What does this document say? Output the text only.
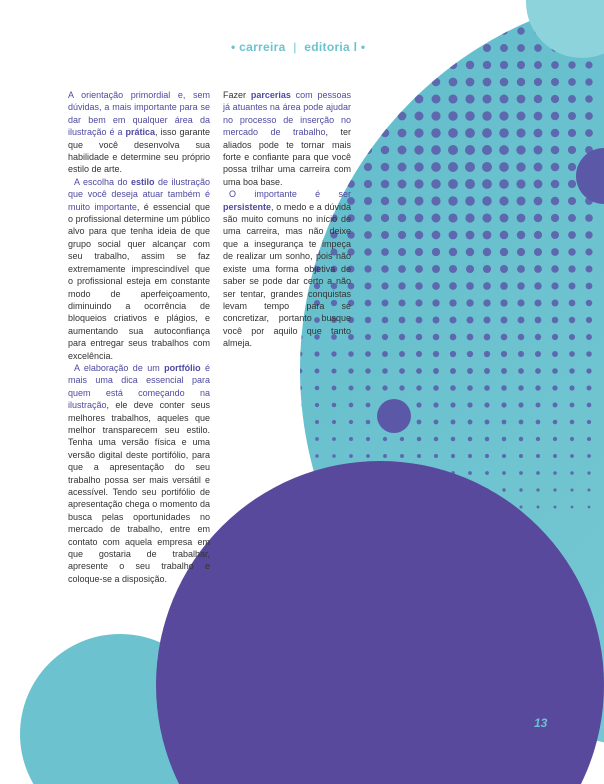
• carreira | editoria l •

A orientação primordial e, sem dúvidas, a mais importante para se dar bem em qualquer área da ilustração é a prática, isso garante que você desenvolva sua habilidade e determine seu próprio estilo de arte.

A escolha do estilo de ilustração que você deseja atuar também é muito importante, é essencial que o profissional determine um público alvo para que tenha ideia de que grupo social quer alcançar com seu trabalho, assim se faz extremamente imprescindível que o profissional esteja em constante modo de aperfeiçoamento, diminuindo a ocorrência de bloqueios criativos e plágios, e aumentando sua autoconfiança para entregar seus trabalhos com excelência.

A elaboração de um portfólio é mais uma dica essencial para quem está começando na ilustração, ele deve conter seus melhores trabalhos, aqueles que melhor transparecem seu estilo. Tenha uma versão física e uma versão digital deste portifólio, para que a apresentação do seu trabalho possa ser mais versátil e acessível. Tendo seu portifólio de apresentação chega o momento da busca pelas oportunidades no mercado de trabalho, entre em contato com aquela empresa em que gostaria de trabalhar, apresente o seu trabalho e coloque-se a disposição.

Fazer parcerias com pessoas já atuantes na área pode ajudar no processo de inserção no mercado de trabalho, ter aliados pode te tornar mais forte e confiante para que você possa trilhar uma carreira com uma boa base.

O importante é ser persistente, o medo e a dúvida são muito comuns no início de uma carreira, mas não deixe que a insegurança te impeça de realizar um sonho, pois não existe uma forma objetiva de saber se pode dar certo a não ser tentar, grandes conquistas levam tempo para se concretizar, portanto busque você por aquilo que tanto almeja.

13
